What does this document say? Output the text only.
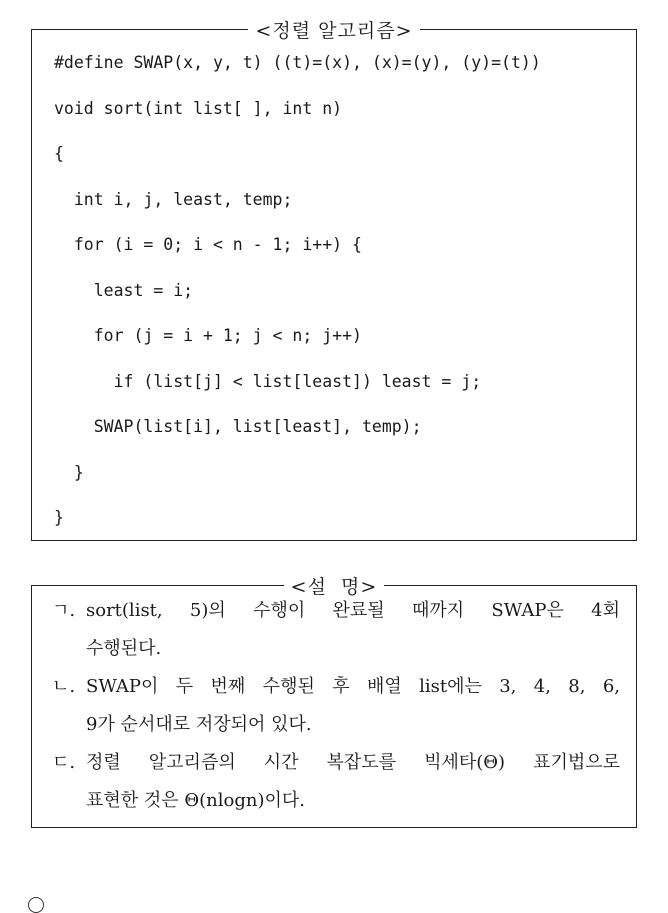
<정렬 알고리즘>
#define SWAP(x, y, t) ((t)=(x), (x)=(y), (y)=(t))
void sort(int list[ ], int n)
{
int i, j, least, temp;
for (i = 0; i < n - 1; i++) {
least = i;
for (j = i + 1; j < n; j++)
if (list[j] < list[least]) least = j;
SWAP(list[i], list[least], temp);
}
}
<설  명>
ㄱ. sort(list, 5)의 수행이 완료될 때까지 SWAP은 4회
수행된다.
ㄴ. SWAP이 두 번째 수행된 후 배열 list에는 3, 4, 8, 6,
9가 순서대로 저장되어 있다.
ㄷ. 정렬 알고리즘의 시간 복잡도를 빅세타(Θ) 표기법으로
표현한 것은 Θ(nlogn)이다.
